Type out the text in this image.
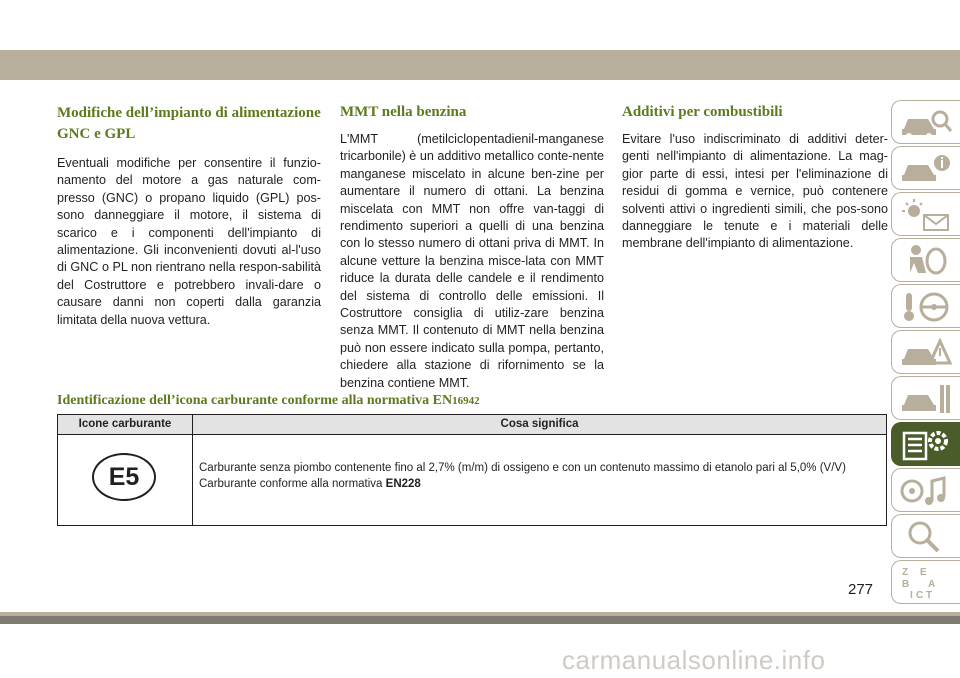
Modifiche dell’impianto di alimentazione GNC e GPL

Eventuali modifiche per consentire il funzio-namento del motore a gas naturale com-presso (GNC) o propano liquido (GPL) pos-sono danneggiare il motore, il sistema di scarico e i componenti dell'impianto di alimentazione. Gli inconvenienti dovuti al-l'uso di GNC o PL non rientrano nella respon-sabilità del Costruttore e potrebbero invali-dare o causare danni non coperti dalla garanzia limitata della nuova vettura.

MMT nella benzina

L'MMT (metilciclopentadienil-manganese tricarbonile) è un additivo metallico conte-nente manganese miscelato in alcune ben-zine per aumentare il numero di ottani. La benzina miscelata con MMT non offre van-taggi di rendimento superiori a quelli di una benzina con lo stesso numero di ottani priva di MMT. In alcune vetture la benzina misce-lata con MMT riduce la durata delle candele e il rendimento del sistema di controllo delle emissioni. Il Costruttore consiglia di utiliz-zare benzina senza MMT. Il contenuto di MMT nella benzina può non essere indicato sulla pompa, pertanto, chiedere alla stazione di rifornimento se la benzina contiene MMT.

Additivi per combustibili

Evitare l'uso indiscriminato di additivi deter-genti nell'impianto di alimentazione. La mag-gior parte di essi, intesi per l'eliminazione di residui di gomma e vernice, può contenere solventi attivi o ingredienti simili, che pos-sono danneggiare le tenute e i materiali delle membrane dell'impianto di alimentazione.

Identificazione dell’icona carburante conforme alla normativa EN16942
Icone carburante	Cosa significa
E5	Carburante senza piombo contenente fino al 2,7% (m/m) di ossigeno e con un contenuto massimo di etanolo pari al 5,0% (V/V) Carburante conforme alla normativa EN228
Z E
B A
I C T
277
carmanualsonline.info
